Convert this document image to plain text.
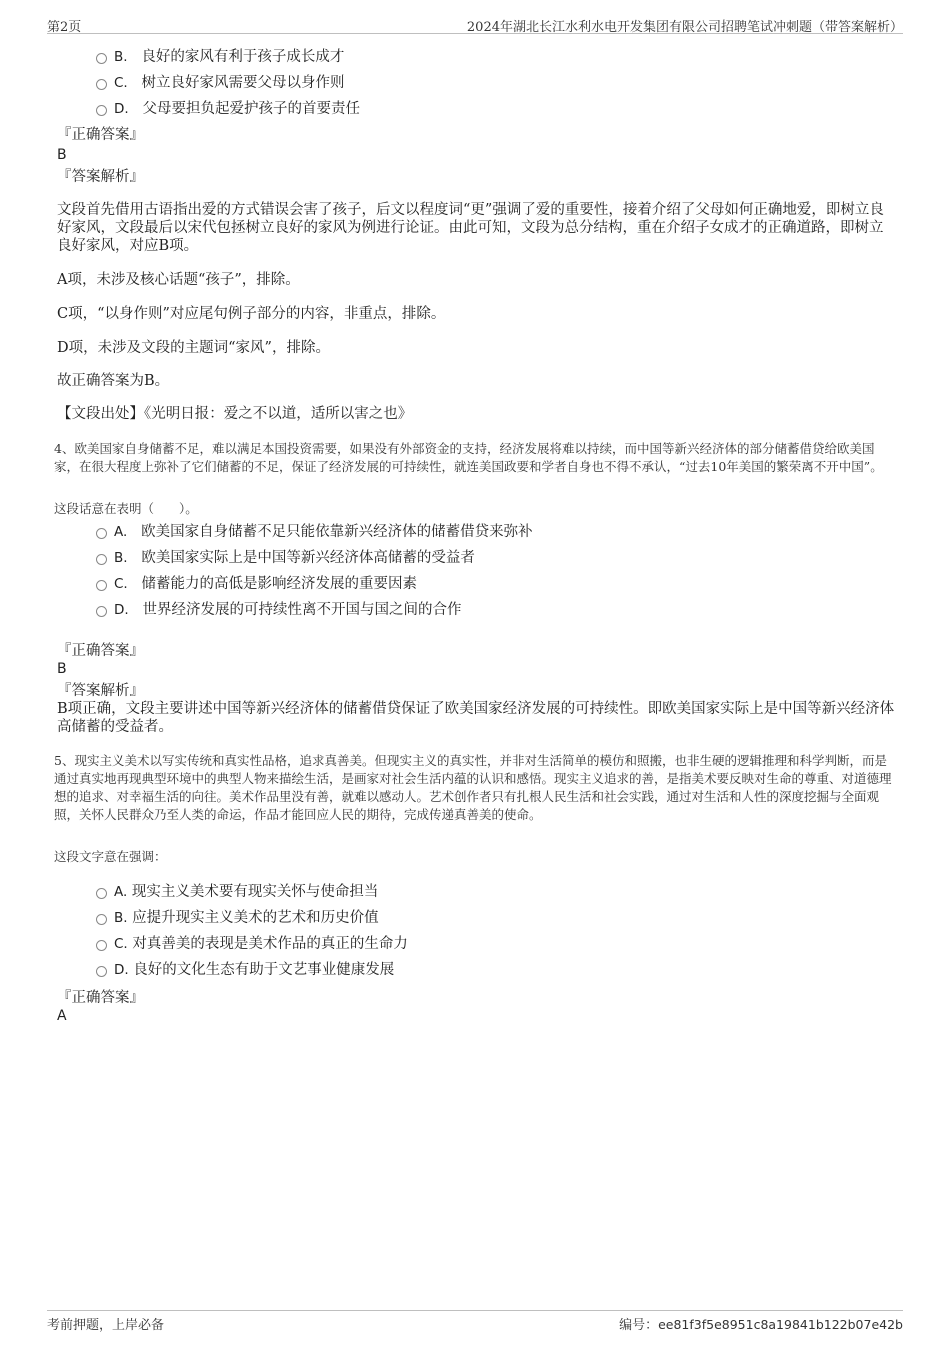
第2页	2024年湖北长江水利水电开发集团有限公司招聘笔试冲刺题（带答案解析）
B. 良好的家风有利于孩子成长成才
C. 树立良好家风需要父母以身作则
D. 父母要担负起爱护孩子的首要责任
『正确答案』
B
『答案解析』
文段首先借用古语指出爱的方式错误会害了孩子，后文以程度词“更”强调了爱的重要性，接着介绍了父母如何正确地爱，即树立良好家风，文段最后以宋代包拯树立良好的家风为例进行论证。由此可知，文段为总分结构，重在介绍子女成才的正确道路，即树立良好家风，对应B项。
A项，未涉及核心话题“孩子”，排除。
C项，“以身作则”对应尾句例子部分的内容，非重点，排除。
D项，未涉及文段的主题词“家风”，排除。
故正确答案为B。
【文段出处】《光明日报：爱之不以道，适所以害之也》
4、欧美国家自身储蓄不足，难以满足本国投资需要，如果没有外部资金的支持，经济发展将难以持续，而中国等新兴经济体的部分储蓄借贷给欧美国家，在很大程度上弥补了它们储蓄的不足，保证了经济发展的可持续性，就连美国政要和学者自身也不得不承认，“过去10年美国的繁荣离不开中国”。
这段话意在表明（　　）。
A. 欧美国家自身储蓄不足只能依靠新兴经济体的储蓄借贷来弥补
B. 欧美国家实际上是中国等新兴经济体高储蓄的受益者
C. 储蓄能力的高低是影响经济发展的重要因素
D. 世界经济发展的可持续性离不开国与国之间的合作
『正确答案』
B
『答案解析』
B项正确，文段主要讲述中国等新兴经济体的储蓄借贷保证了欧美国家经济发展的可持续性。即欧美国家实际上是中国等新兴经济体高储蓄的受益者。
5、现实主义美术以写实传统和真实性品格，追求真善美。但现实主义的真实性，并非对生活简单的模仿和照搬，也非生硬的逻辑推理和科学判断，而是通过真实地再现典型环境中的典型人物来描绘生活，是画家对社会生活内蕴的认识和感悟。现实主义追求的善，是指美术要反映对生命的尊重、对道德理想的追求、对幸福生活的向往。美术作品里没有善，就难以感动人。艺术创作者只有扎根人民生活和社会实践，通过对生活和人性的深度挖掘与全面观照，关怀人民群众乃至人类的命运，作品才能回应人民的期待，完成传递真善美的使命。
这段文字意在强调：
A. 现实主义美术要有现实关怀与使命担当
B. 应提升现实主义美术的艺术和历史价值
C. 对真善美的表现是美术作品的真正的生命力
D. 良好的文化生态有助于文艺事业健康发展
『正确答案』
A
考前押题，上岸必备	编号：ee81f3f5e8951c8a19841b122b07e42b
